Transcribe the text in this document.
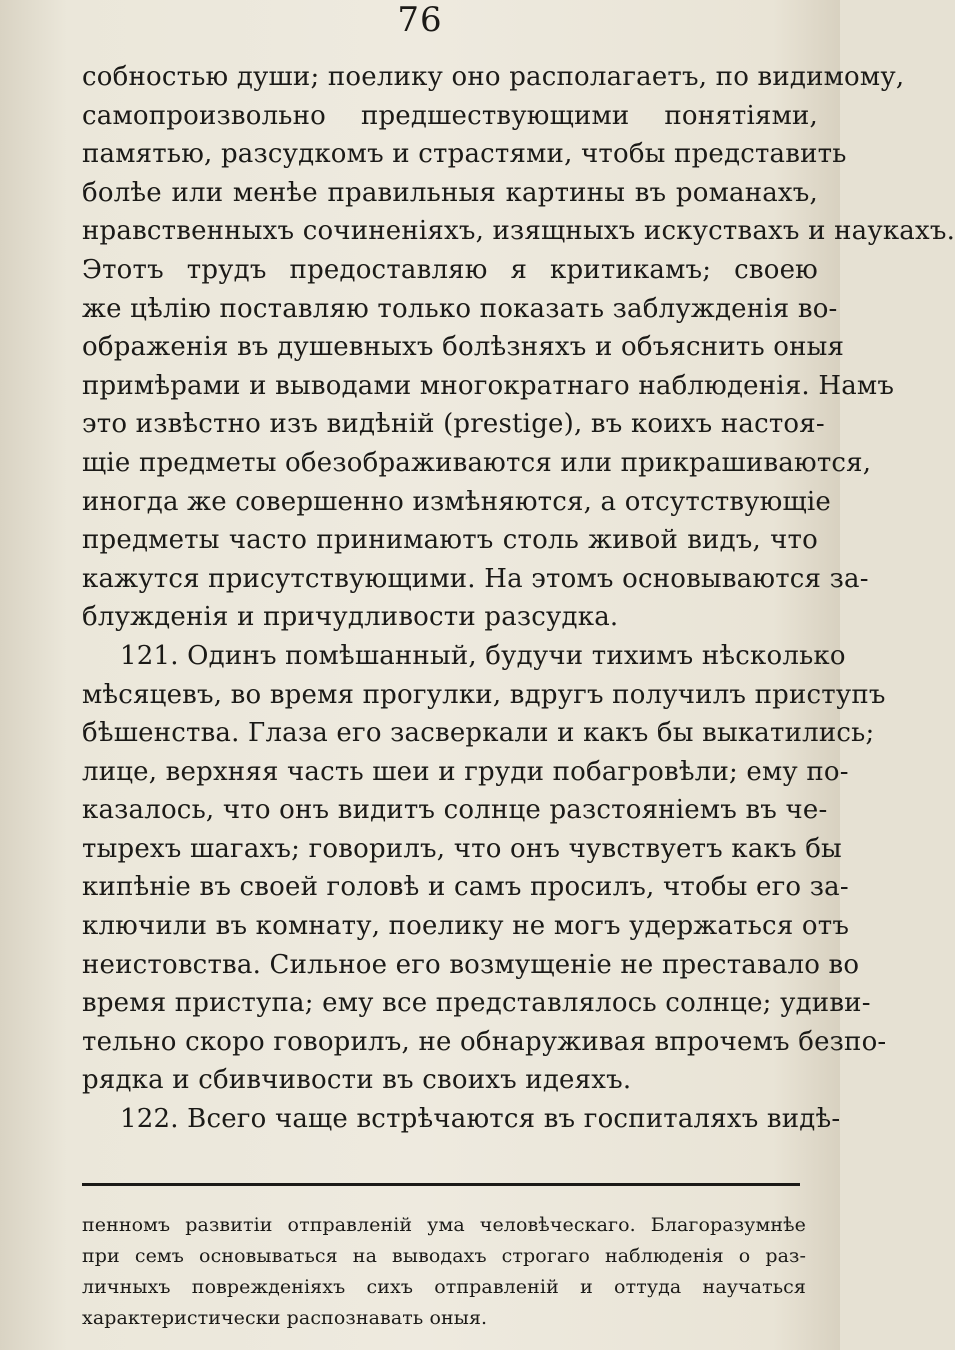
76
собностью души; поелику оно располагаетъ, по видимому,
самопроизвольно предшествующими понятіями,
памятью, разсудкомъ и страстями, чтобы представить
болѣе или менѣе правильныя картины въ романахъ,
нравственныхъ сочиненіяхъ, изящныхъ искуствахъ и наукахъ.
Этотъ трудъ предоставляю я критикамъ; своею
же цѣлію поставляю только показать заблужденія во-
ображенія въ душевныхъ болѣзняхъ и объяснить оныя
примѣрами и выводами многократнаго наблюденія. Намъ
это извѣстно изъ видѣній (prestige), въ коихъ настоя-
щіе предметы обезображиваются или прикрашиваются,
иногда же совершенно измѣняются, а отсутствующіе
предметы часто принимаютъ столь живой видъ, что
кажутся присутствующими. На этомъ основываются за-
блужденія и причудливости разсудка.
121. Одинъ помѣшанный, будучи тихимъ нѣсколько
мѣсяцевъ, во время прогулки, вдругъ получилъ приступъ
бѣшенства. Глаза его засверкали и какъ бы выкатились;
лице, верхняя часть шеи и груди побагровѣли; ему по-
казалось, что онъ видитъ солнце разстояніемъ въ че-
тырехъ шагахъ; говорилъ, что онъ чувствуетъ какъ бы
кипѣніе въ своей головѣ и самъ просилъ, чтобы его за-
ключили въ комнату, поелику не могъ удержаться отъ
неистовства. Сильное его возмущеніе не преставало во
время приступа; ему все представлялось солнце; удиви-
тельно скоро говорилъ, не обнаруживая впрочемъ безпо-
рядка и сбивчивости въ своихъ идеяхъ.
122. Всего чаще встрѣчаются въ госпиталяхъ видѣ-
пенномъ развитіи отправленій ума человѣческаго. Благоразумнѣе
при семъ основываться на выводахъ строгаго наблюденія о раз-
личныхъ поврежденіяхъ сихъ отправленій и оттуда научаться
характеристически распознавать оныя.
